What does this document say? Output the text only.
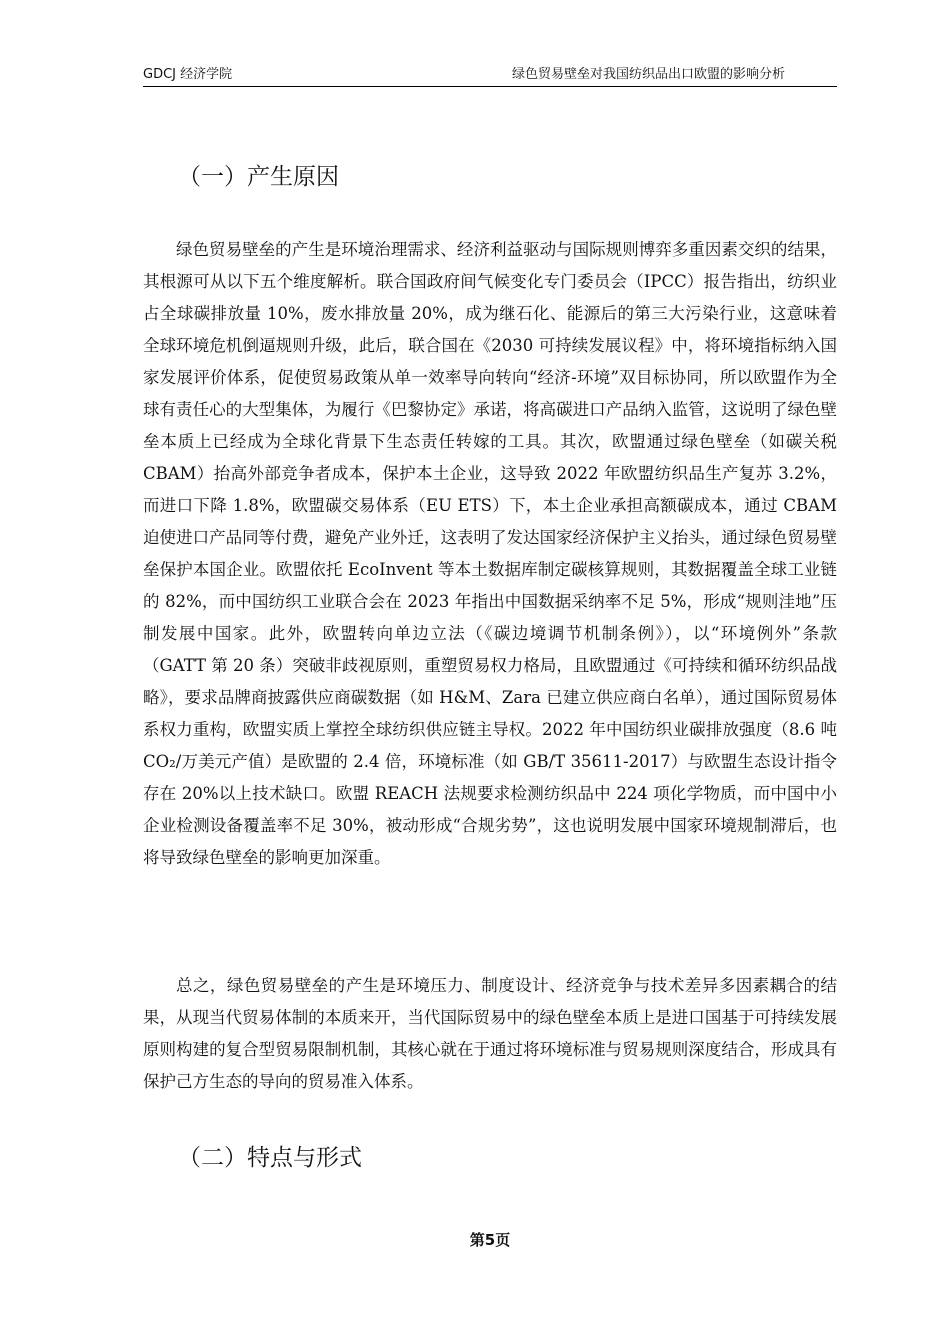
GDCJ 经济学院	绿色贸易壁垒对我国纺织品出口欧盟的影响分析
（一）产生原因

绿色贸易壁垒的产生是环境治理需求、经济利益驱动与国际规则博弈多重因素交织的结果，其根源可从以下五个维度解析。联合国政府间气候变化专门委员会（IPCC）报告指出，纺织业占全球碳排放量 10%，废水排放量 20%，成为继石化、能源后的第三大污染行业，这意味着全球环境危机倒逼规则升级，此后，联合国在《2030 可持续发展议程》中，将环境指标纳入国家发展评价体系，促使贸易政策从单一效率导向转向“经济-环境”双目标协同，所以欧盟作为全球有责任心的大型集体，为履行《巴黎协定》承诺，将高碳进口产品纳入监管，这说明了绿色壁垒本质上已经成为全球化背景下生态责任转嫁的工具。其次，欧盟通过绿色壁垒（如碳关税 CBAM）抬高外部竞争者成本，保护本土企业，这导致 2022 年欧盟纺织品生产复苏 3.2%，而进口下降 1.8%，欧盟碳交易体系（EU ETS）下，本土企业承担高额碳成本，通过 CBAM 迫使进口产品同等付费，避免产业外迁，这表明了发达国家经济保护主义抬头，通过绿色贸易壁垒保护本国企业。欧盟依托 EcoInvent 等本土数据库制定碳核算规则，其数据覆盖全球工业链的 82%，而中国纺织工业联合会在 2023 年指出中国数据采纳率不足 5%，形成“规则洼地”压制发展中国家。此外，欧盟转向单边立法（《碳边境调节机制条例》），以“环境例外”条款（GATT 第 20 条）突破非歧视原则，重塑贸易权力格局，且欧盟通过《可持续和循环纺织品战略》，要求品牌商披露供应商碳数据（如 H&M、Zara 已建立供应商白名单），通过国际贸易体系权力重构，欧盟实质上掌控全球纺织供应链主导权。2022 年中国纺织业碳排放强度（8.6 吨 CO₂/万美元产值）是欧盟的 2.4 倍，环境标准（如 GB/T 35611-2017）与欧盟生态设计指令存在 20%以上技术缺口。欧盟 REACH 法规要求检测纺织品中 224 项化学物质，而中国中小企业检测设备覆盖率不足 30%，被动形成“合规劣势”，这也说明发展中国家环境规制滞后，也将导致绿色壁垒的影响更加深重。

总之，绿色贸易壁垒的产生是环境压力、制度设计、经济竞争与技术差异多因素耦合的结果，从现当代贸易体制的本质来开，当代国际贸易中的绿色壁垒本质上是进口国基于可持续发展原则构建的复合型贸易限制机制，其核心就在于通过将环境标准与贸易规则深度结合，形成具有保护己方生态的导向的贸易准入体系。

（二）特点与形式
第5页
